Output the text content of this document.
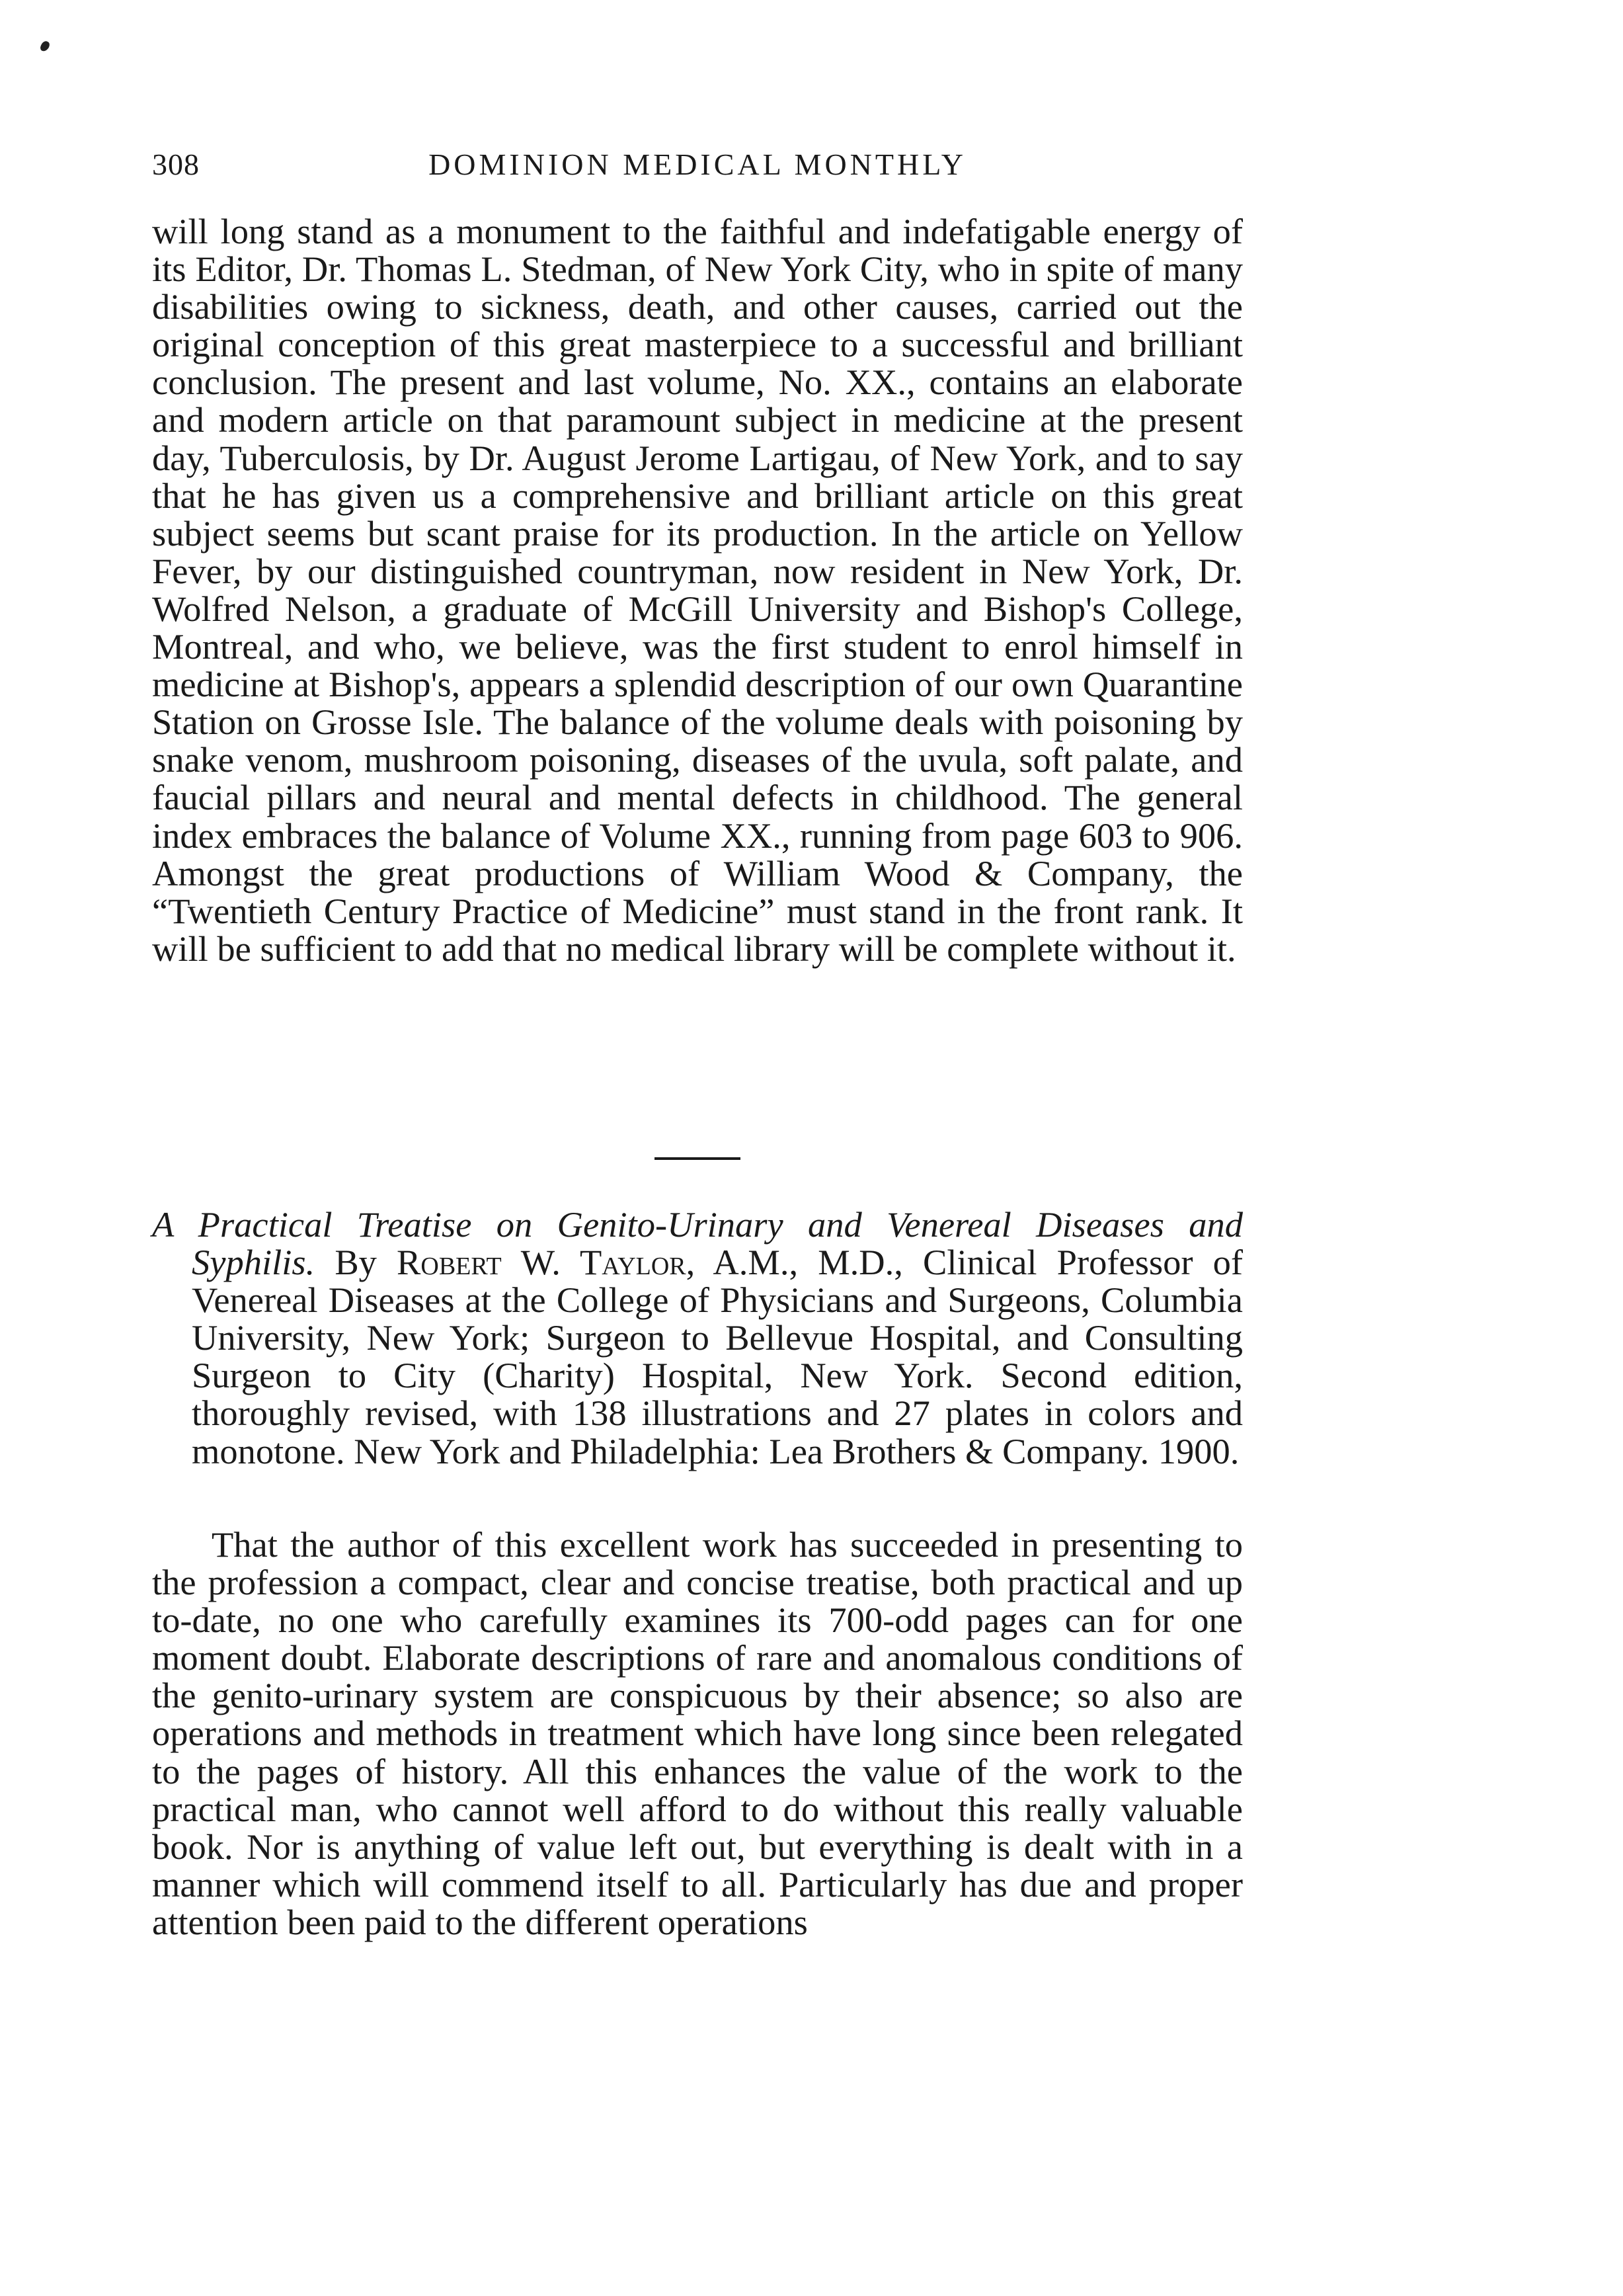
308	DOMINION MEDICAL MONTHLY

will long stand as a monument to the faithful and indefatigable energy of its Editor, Dr. Thomas L. Stedman, of New York City, who in spite of many disabilities owing to sickness, death, and other causes, carried out the original conception of this great masterpiece to a successful and brilliant conclusion. The present and last volume, No. XX., contains an elaborate and modern article on that paramount subject in medicine at the present day, Tuberculosis, by Dr. August Jerome Lartigau, of New York, and to say that he has given us a comprehensive and brilliant article on this great subject seems but scant praise for its production. In the article on Yellow Fever, by our distinguished countryman, now resident in New York, Dr. Wolfred Nelson, a graduate of McGill University and Bishop's College, Montreal, and who, we believe, was the first student to enrol himself in medicine at Bishop's, appears a splendid description of our own Quarantine Station on Grosse Isle. The balance of the volume deals with poisoning by snake venom, mushroom poisoning, diseases of the uvula, soft palate, and faucial pillars and neural and mental defects in childhood. The general index embraces the balance of Volume XX., running from page 603 to 906. Amongst the great productions of William Wood & Company, the “Twentieth Century Practice of Medicine” must stand in the front rank. It will be sufficient to add that no medical library will be complete without it.

A Practical Treatise on Genito-Urinary and Venereal Diseases and Syphilis. By Robert W. Taylor, A.M., M.D., Clinical Professor of Venereal Diseases at the College of Physicians and Surgeons, Columbia University, New York; Surgeon to Bellevue Hospital, and Consulting Surgeon to City (Charity) Hospital, New York. Second edition, thoroughly revised, with 138 illustrations and 27 plates in colors and monotone. New York and Philadelphia: Lea Brothers & Company. 1900.

That the author of this excellent work has succeeded in presenting to the profession a compact, clear and concise treatise, both practical and up to-date, no one who carefully examines its 700-odd pages can for one moment doubt. Elaborate descriptions of rare and anomalous conditions of the genito-urinary system are conspicuous by their absence; so also are operations and methods in treatment which have long since been relegated to the pages of history. All this enhances the value of the work to the practical man, who cannot well afford to do without this really valuable book. Nor is anything of value left out, but everything is dealt with in a manner which will commend itself to all. Particularly has due and proper attention been paid to the different operations
